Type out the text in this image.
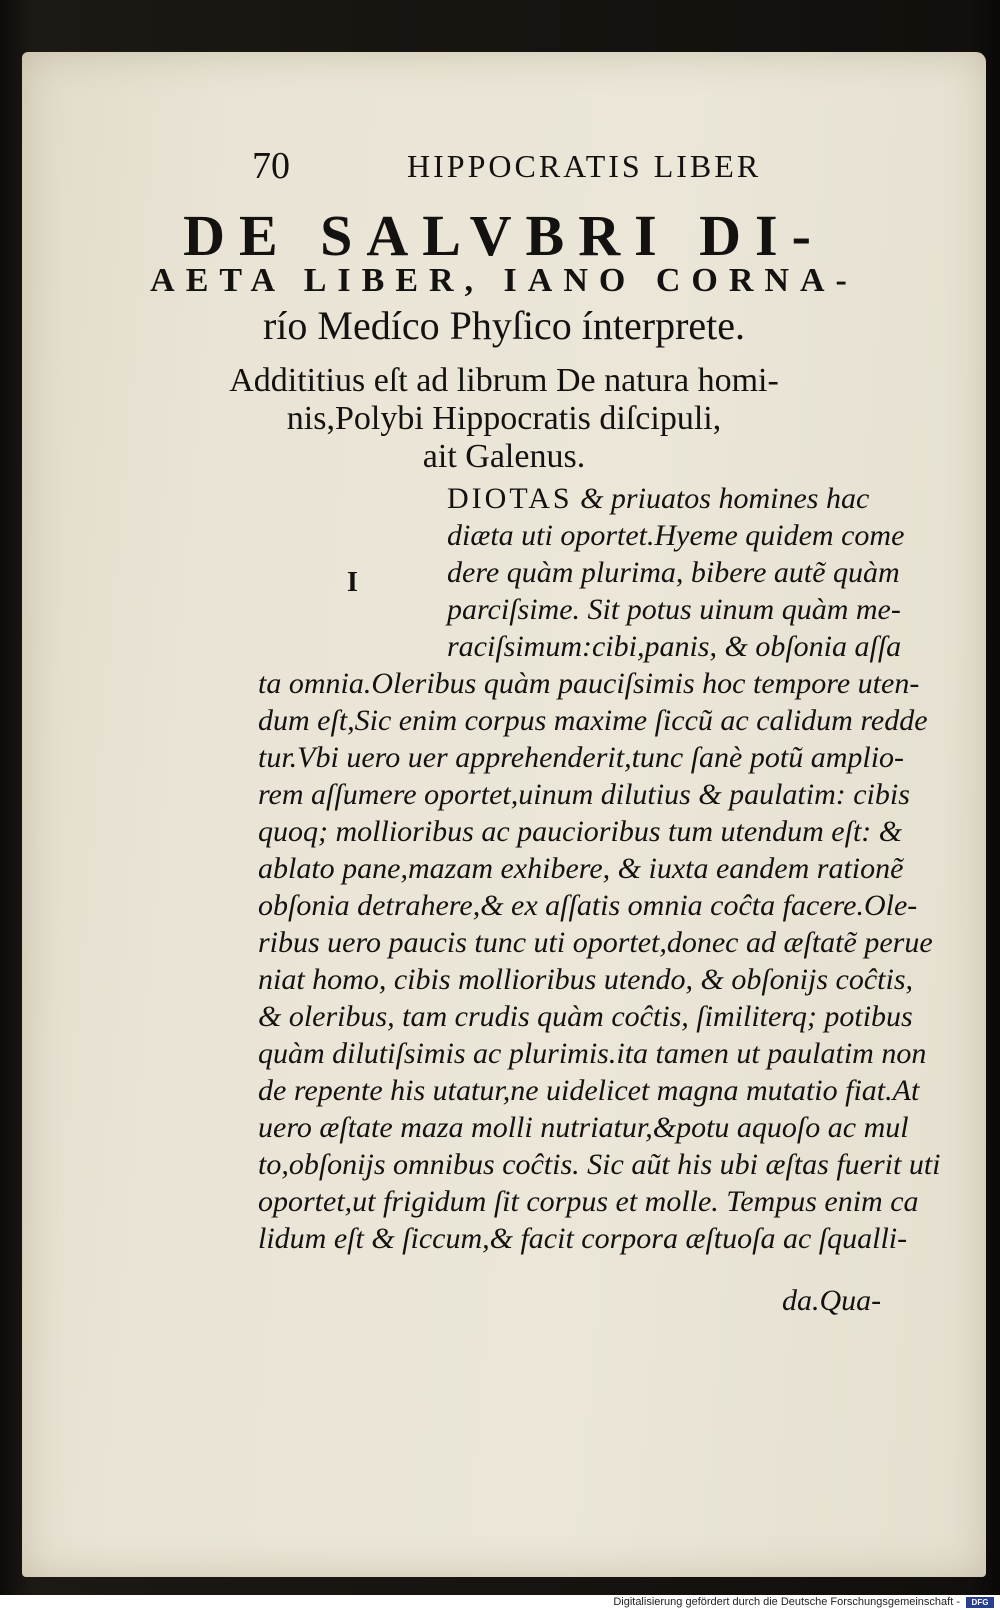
70	HIPPOCRATIS LIBER
DE SALVBRI DI-
AETA LIBER, IANO CORNA-
río Medíco Phyſico ínterprete.
Addititius eſt ad librum De natura homi-
nis,Polybi Hippocratis diſcipuli,
ait Galenus.
I
DIOTAS & priuatos homines hac
diæta uti oportet.Hyeme quidem come
dere quàm plurima, bibere autẽ quàm
parciſsime. Sit potus uinum quàm me-
raciſsimum:cibi,panis, & obſonia aſſa
ta omnia.Oleribus quàm pauciſsimis hoc tempore uten-
dum eſt,Sic enim corpus maxime ſiccũ ac calidum redde
tur.Vbi uero uer apprehenderit,tunc ſanè potũ amplio-
rem aſſumere oportet,uinum dilutius & paulatim: cibis
quoq; mollioribus ac paucioribus tum utendum eſt: &
ablato pane,mazam exhibere, & iuxta eandem rationẽ
obſonia detrahere,& ex aſſatis omnia coĉta facere.Ole-
ribus uero paucis tunc uti oportet,donec ad æſtatẽ perue
niat homo, cibis mollioribus utendo, & obſonijs coĉtis,
& oleribus, tam crudis quàm coĉtis, ſimiliterq; potibus
quàm dilutiſsimis ac plurimis.ita tamen ut paulatim non
de repente his utatur,ne uidelicet magna mutatio fiat.At
uero æſtate maza molli nutriatur,&potu aquoſo ac mul
to,obſonijs omnibus coĉtis. Sic aũt his ubi æſtas fuerit uti
oportet,ut frigidum ſit corpus et molle. Tempus enim ca
lidum eſt & ſiccum,& facit corpora æſtuoſa ac ſqualli-
da.Qua-
Digitalisierung gefördert durch die Deutsche Forschungsgemeinschaft -	DFG
